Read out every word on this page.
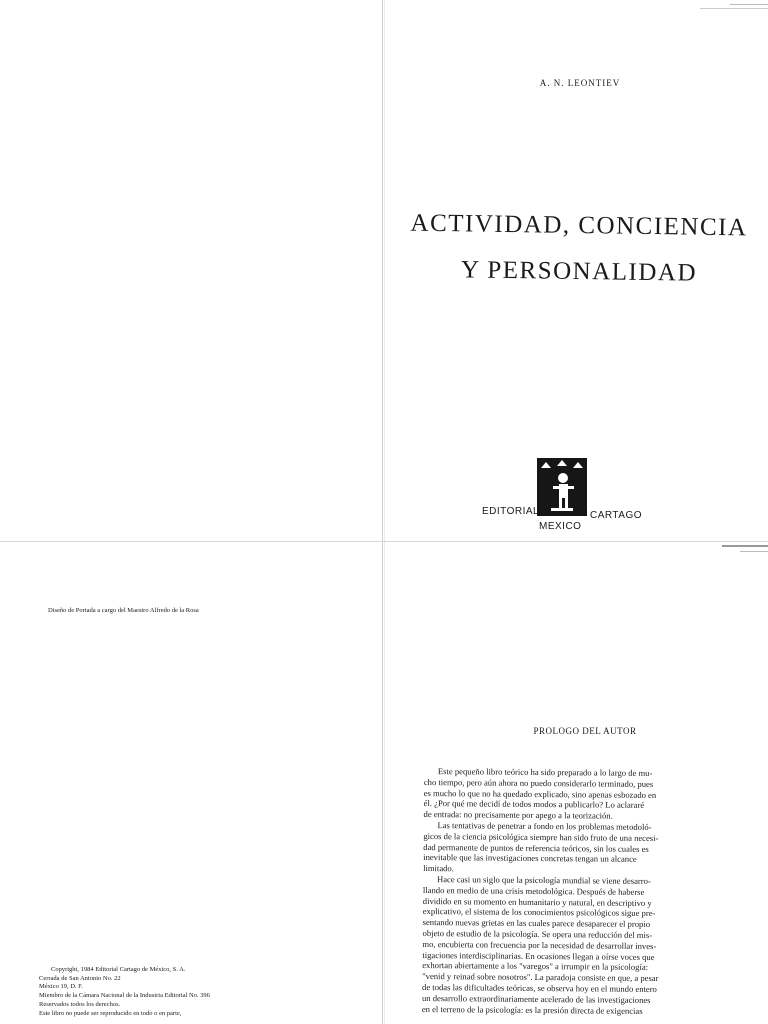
A. N. LEONTIEV
ACTIVIDAD, CONCIENCIA
Y PERSONALIDAD
EDITORIAL	CARTAGO
MEXICO
Diseño de Portada a cargo del Maestro Alfredo de la Rosa
Copyright, 1984 Editorial Cartago de México, S. A.
Cerrada de San Antonio No. 22
México 19, D. F.
Miembro de la Cámara Nacional de la Industria Editorial No. 396
Reservados todos los derechos.
Este libro no puede ser reproducido en todo o en parte,
PROLOGO DEL AUTOR
Este pequeño libro teórico ha sido preparado a lo largo de mu-
cho tiempo, pero aún ahora no puedo considerarlo terminado, pues
es mucho lo que no ha quedado explicado, sino apenas esbozado en
él. ¿Por qué me decidí de todos modos a publicarlo? Lo aclararé
de entrada: no precisamente por apego a la teorización.
Las tentativas de penetrar a fondo en los problemas metodoló-
gicos de la ciencia psicológica siempre han sido fruto de una necesi-
dad permanente de puntos de referencia teóricos, sin los cuales es
inevitable que las investigaciones concretas tengan un alcance
limitado.
Hace casi un siglo que la psicología mundial se viene desarro-
llando en medio de una crisis metodológica. Después de haberse
dividido en su momento en humanitario y natural, en descriptivo y
explicativo, el sistema de los conocimientos psicológicos sigue pre-
sentando nuevas grietas en las cuales parece desaparecer el propio
objeto de estudio de la psicología. Se opera una reducción del mis-
mo, encubierta con frecuencia por la necesidad de desarrollar inves-
tigaciones interdisciplinarias. En ocasiones llegan a oírse voces que
exhortan abiertamente a los "varegos" a irrumpir en la psicología:
"venid y reinad sobre nosotros". La paradoja consiste en que, a pesar
de todas las dificultades teóricas, se observa hoy en el mundo entero
un desarrollo extraordinariamente acelerado de las investigaciones
en el terreno de la psicología: es la presión directa de exigencias
